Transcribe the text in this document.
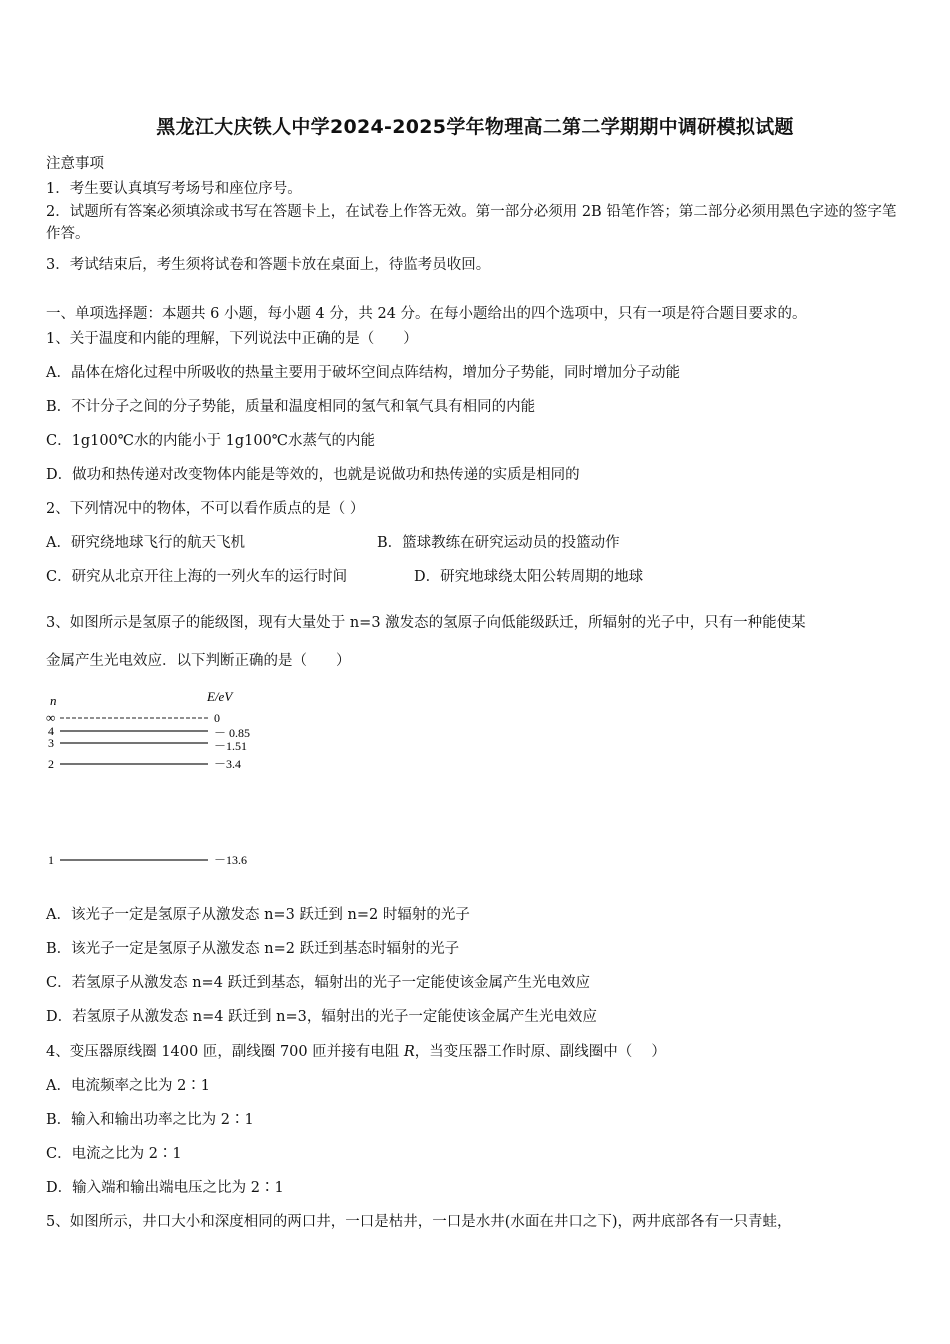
黑龙江大庆铁人中学2024-2025学年物理高二第二学期期中调研模拟试题
注意事项
1．考生要认真填写考场号和座位序号。
2．试题所有答案必须填涂或书写在答题卡上，在试卷上作答无效。第一部分必须用 2B 铅笔作答；第二部分必须用黑色字迹的签字笔作答。
3．考试结束后，考生须将试卷和答题卡放在桌面上，待监考员收回。
一、单项选择题：本题共 6 小题，每小题 4 分，共 24 分。在每小题给出的四个选项中，只有一项是符合题目要求的。
1、关于温度和内能的理解，下列说法中正确的是（　　）
A．晶体在熔化过程中所吸收的热量主要用于破坏空间点阵结构，增加分子势能，同时增加分子动能
B．不计分子之间的分子势能，质量和温度相同的氢气和氧气具有相同的内能
C．1g100℃水的内能小于 1g100℃水蒸气的内能
D．做功和热传递对改变物体内能是等效的，也就是说做功和热传递的实质是相同的
2、下列情况中的物体，不可以看作质点的是（ ）
A．研究绕地球飞行的航天飞机	B．篮球教练在研究运动员的投篮动作
C．研究从北京开往上海的一列火车的运行时间	D．研究地球绕太阳公转周期的地球
3、如图所示是氢原子的能级图，现有大量处于 n=3 激发态的氢原子向低能级跃迁，所辐射的光子中，只有一种能使某
金属产生光电效应．以下判断正确的是（　　）
n	E/eV
∞	0
4	－ 0.85
3	－1.51
2	－3.4
1	－13.6
A．该光子一定是氢原子从激发态 n=3 跃迁到 n=2 时辐射的光子
B．该光子一定是氢原子从激发态 n=2 跃迁到基态时辐射的光子
C．若氢原子从激发态 n=4 跃迁到基态，辐射出的光子一定能使该金属产生光电效应
D．若氢原子从激发态 n=4 跃迁到 n=3，辐射出的光子一定能使该金属产生光电效应
4、变压器原线圈 1400 匝，副线圈 700 匝并接有电阻 R，当变压器工作时原、副线圈中（　 ）
A．电流频率之比为 2∶1
B．输入和输出功率之比为 2∶1
C．电流之比为 2∶1
D．输入端和输出端电压之比为 2∶1
5、如图所示，井口大小和深度相同的两口井，一口是枯井，一口是水井(水面在井口之下)，两井底部各有一只青蛙，
